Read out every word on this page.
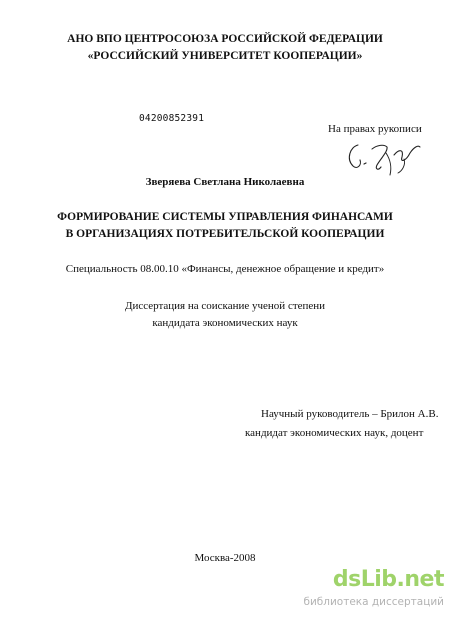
АНО ВПО ЦЕНТРОСОЮЗА РОССИЙСКОЙ ФЕДЕРАЦИИ
«РОССИЙСКИЙ УНИВЕРСИТЕТ КООПЕРАЦИИ»
04200852391
На правах рукописи
Зверяева Светлана Николаевна
ФОРМИРОВАНИЕ СИСТЕМЫ УПРАВЛЕНИЯ ФИНАНСАМИ
В ОРГАНИЗАЦИЯХ ПОТРЕБИТЕЛЬСКОЙ КООПЕРАЦИИ
Специальность 08.00.10 «Финансы, денежное обращение и кредит»
Диссертация на соискание ученой степени
кандидата экономических наук
Научный руководитель – Брилон А.В.
кандидат экономических наук, доцент
Москва-2008
dsLib.net
библиотека диссертаций
